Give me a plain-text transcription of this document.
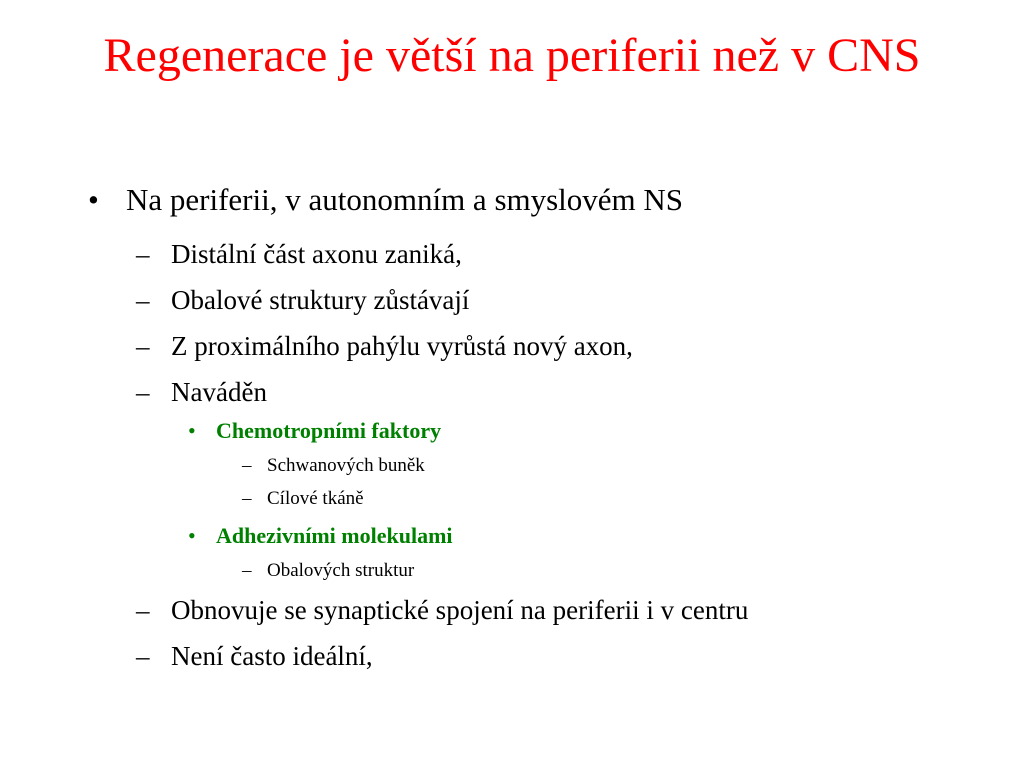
Regenerace je větší na periferii než v CNS
• Na periferii, v autonomním a smyslovém NS
– Distální část axonu zaniká,
– Obalové struktury zůstávají
– Z proximálního pahýlu vyrůstá nový axon,
– Naváděn
• Chemotropními faktory
– Schwanových buněk
– Cílové tkáně
• Adhezivními molekulami
– Obalových struktur
– Obnovuje se synaptické spojení na periferii i v centru
– Není často ideální,
